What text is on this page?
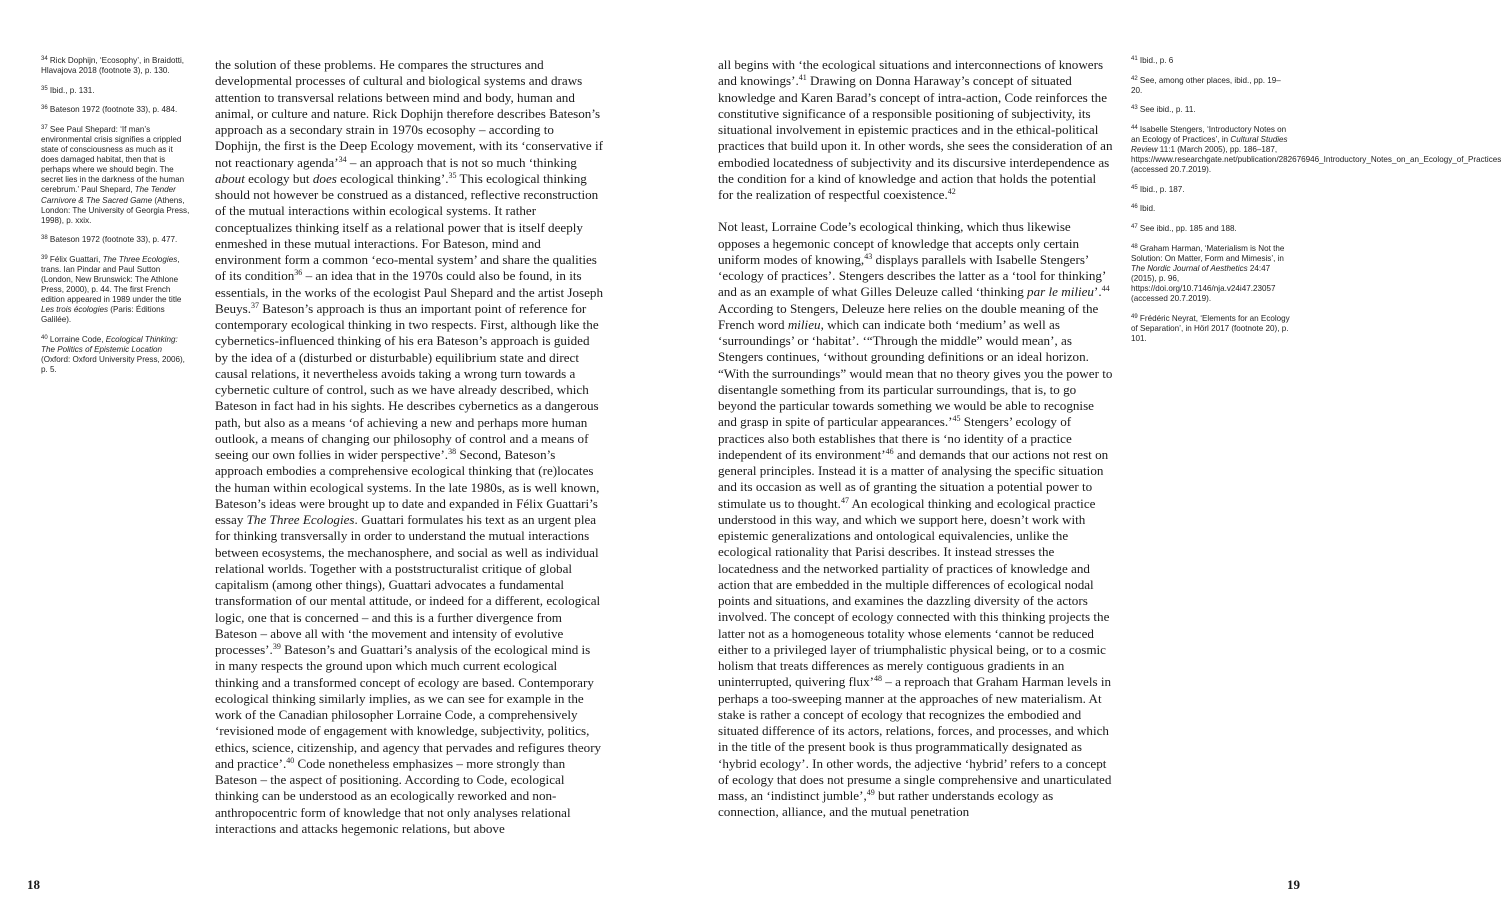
$^{34}$ Rick Dophijn, ‘Ecosophy’, in Braidotti, Hlavajova 2018 (footnote 3), p. 130.
$^{35}$ Ibid., p. 131.
$^{36}$ Bateson 1972 (footnote 33), p. 484.
$^{37}$ See Paul Shepard: ‘If man’s environmental crisis signifies a crippled state of consciousness as much as it does damaged habitat, then that is perhaps where we should begin. The secret lies in the darkness of the human cerebrum.’ Paul Shepard, The Tender Carnivore & The Sacred Game (Athens, London: The University of Georgia Press, 1998), p. xxix.
$^{38}$ Bateson 1972 (footnote 33), p. 477.
$^{39}$ Félix Guattari, The Three Ecologies, trans. Ian Pindar and Paul Sutton (London, New Brunswick: The Athlone Press, 2000), p. 44. The first French edition appeared in 1989 under the title Les trois écologies (Paris: Éditions Galilée).
$^{40}$ Lorraine Code, Ecological Thinking: The Politics of Epistemic Location (Oxford: Oxford University Press, 2006), p. 5.

the solution of these problems. He compares the structures and developmental processes of cultural and biological systems and draws attention to transversal relations between mind and body, human and animal, or culture and nature. Rick Dophijn therefore describes Bateson’s approach as a secondary strain in 1970s ecosophy – according to Dophijn, the first is the Deep Ecology movement, with its ‘conservative if not reactionary agenda’$^{34}$ – an approach that is not so much ‘thinking about ecology but does ecological thinking’.$^{35}$ This ecological thinking should not however be construed as a distanced, reflective reconstruction of the mutual interactions within ecological systems. It rather conceptualizes thinking itself as a relational power that is itself deeply enmeshed in these mutual interactions. For Bateson, mind and environment form a common ‘eco-mental system’ and share the qualities of its condition$^{36}$ – an idea that in the 1970s could also be found, in its essentials, in the works of the ecologist Paul Shepard and the artist Joseph Beuys.$^{37}$ Bateson’s approach is thus an important point of reference for contemporary ecological thinking in two respects. First, although like the cybernetics-influenced thinking of his era Bateson’s approach is guided by the idea of a (disturbed or disturbable) equilibrium state and direct causal relations, it nevertheless avoids taking a wrong turn towards a cybernetic culture of control, such as we have already described, which Bateson in fact had in his sights. He describes cybernetics as a dangerous path, but also as a means ‘of achieving a new and perhaps more human outlook, a means of changing our philosophy of control and a means of seeing our own follies in wider perspective’.$^{38}$ Second, Bateson’s approach embodies a comprehensive ecological thinking that (re)locates the human within ecological systems. In the late 1980s, as is well known, Bateson’s ideas were brought up to date and expanded in Félix Guattari’s essay The Three Ecologies. Guattari formulates his text as an urgent plea for thinking transversally in order to understand the mutual interactions between ecosystems, the mechanosphere, and social as well as individual relational worlds. Together with a poststructuralist critique of global capitalism (among other things), Guattari advocates a fundamental transformation of our mental attitude, or indeed for a different, ecological logic, one that is concerned – and this is a further divergence from Bateson – above all with ‘the movement and intensity of evolutive processes’.$^{39}$ Bateson’s and Guattari’s analysis of the ecological mind is in many respects the ground upon which much current ecological thinking and a transformed concept of ecology are based. Contemporary ecological thinking similarly implies, as we can see for example in the work of the Canadian philosopher Lorraine Code, a comprehensively ‘revisioned mode of engagement with knowledge, subjectivity, politics, ethics, science, citizenship, and agency that pervades and refigures theory and practice’.$^{40}$ Code nonetheless emphasizes – more strongly than Bateson – the aspect of positioning. According to Code, ecological thinking can be understood as an ecologically reworked and non-anthropocentric form of knowledge that not only analyses relational interactions and attacks hegemonic relations, but above

18

all begins with ‘the ecological situations and interconnections of knowers and knowings’.$^{41}$ Drawing on Donna Haraway’s concept of situated knowledge and Karen Barad’s concept of intra-action, Code reinforces the constitutive significance of a responsible positioning of subjectivity, its situational involvement in epistemic practices and in the ethical-political practices that build upon it. In other words, she sees the consideration of an embodied locatedness of subjectivity and its discursive interdependence as the condition for a kind of knowledge and action that holds the potential for the realization of respectful coexistence.$^{42}$

Not least, Lorraine Code’s ecological thinking, which thus likewise opposes a hegemonic concept of knowledge that accepts only certain uniform modes of knowing,$^{43}$ displays parallels with Isabelle Stengers’ ‘ecology of practices’. Stengers describes the latter as a ‘tool for thinking’ and as an example of what Gilles Deleuze called ‘thinking par le milieu’.$^{44}$ According to Stengers, Deleuze here relies on the double meaning of the French word milieu, which can indicate both ‘medium’ as well as ‘surroundings’ or ‘habitat’. ‘“Through the middle” would mean’, as Stengers continues, ‘without grounding definitions or an ideal horizon. “With the surroundings” would mean that no theory gives you the power to disentangle something from its particular surroundings, that is, to go beyond the particular towards something we would be able to recognise and grasp in spite of particular appearances.’$^{45}$ Stengers’ ecology of practices also both establishes that there is ‘no identity of a practice independent of its environment’$^{46}$ and demands that our actions not rest on general principles. Instead it is a matter of analysing the specific situation and its occasion as well as of granting the situation a potential power to stimulate us to thought.$^{47}$ An ecological thinking and ecological practice understood in this way, and which we support here, doesn’t work with epistemic generalizations and ontological equivalencies, unlike the ecological rationality that Parisi describes. It instead stresses the locatedness and the networked partiality of practices of knowledge and action that are embedded in the multiple differences of ecological nodal points and situations, and examines the dazzling diversity of the actors involved. The concept of ecology connected with this thinking projects the latter not as a homogeneous totality whose elements ‘cannot be reduced either to a privileged layer of triumphalistic physical being, or to a cosmic holism that treats differences as merely contiguous gradients in an uninterrupted, quivering flux’$^{48}$ – a reproach that Graham Harman levels in perhaps a too-sweeping manner at the approaches of new materialism. At stake is rather a concept of ecology that recognizes the embodied and situated difference of its actors, relations, forces, and processes, and which in the title of the present book is thus programmatically designated as ‘hybrid ecology’. In other words, the adjective ‘hybrid’ refers to a concept of ecology that does not presume a single comprehensive and unarticulated mass, an ‘indistinct jumble’,$^{49}$ but rather understands ecology as connection, alliance, and the mutual penetration

$^{41}$ Ibid., p. 6
$^{42}$ See, among other places, ibid., pp. 19–20.
$^{43}$ See ibid., p. 11.
$^{44}$ Isabelle Stengers, ‘Introductory Notes on an Ecology of Practices’, in Cultural Studies Review 11:1 (March 2005), pp. 186–187, https://www.researchgate.net/publication/282676946_Introductory_Notes_on_an_Ecology_of_Practices (accessed 20.7.2019).
$^{45}$ Ibid., p. 187.
$^{46}$ Ibid.
$^{47}$ See ibid., pp. 185 and 188.
$^{48}$ Graham Harman, ‘Materialism is Not the Solution: On Matter, Form and Mimesis’, in The Nordic Journal of Aesthetics 24:47 (2015), p. 96, https://doi.org/10.7146/nja.v24i47.23057 (accessed 20.7.2019).
$^{49}$ Frédéric Neyrat, ‘Elements for an Ecology of Separation’, in Hörl 2017 (footnote 20), p. 101.
19
